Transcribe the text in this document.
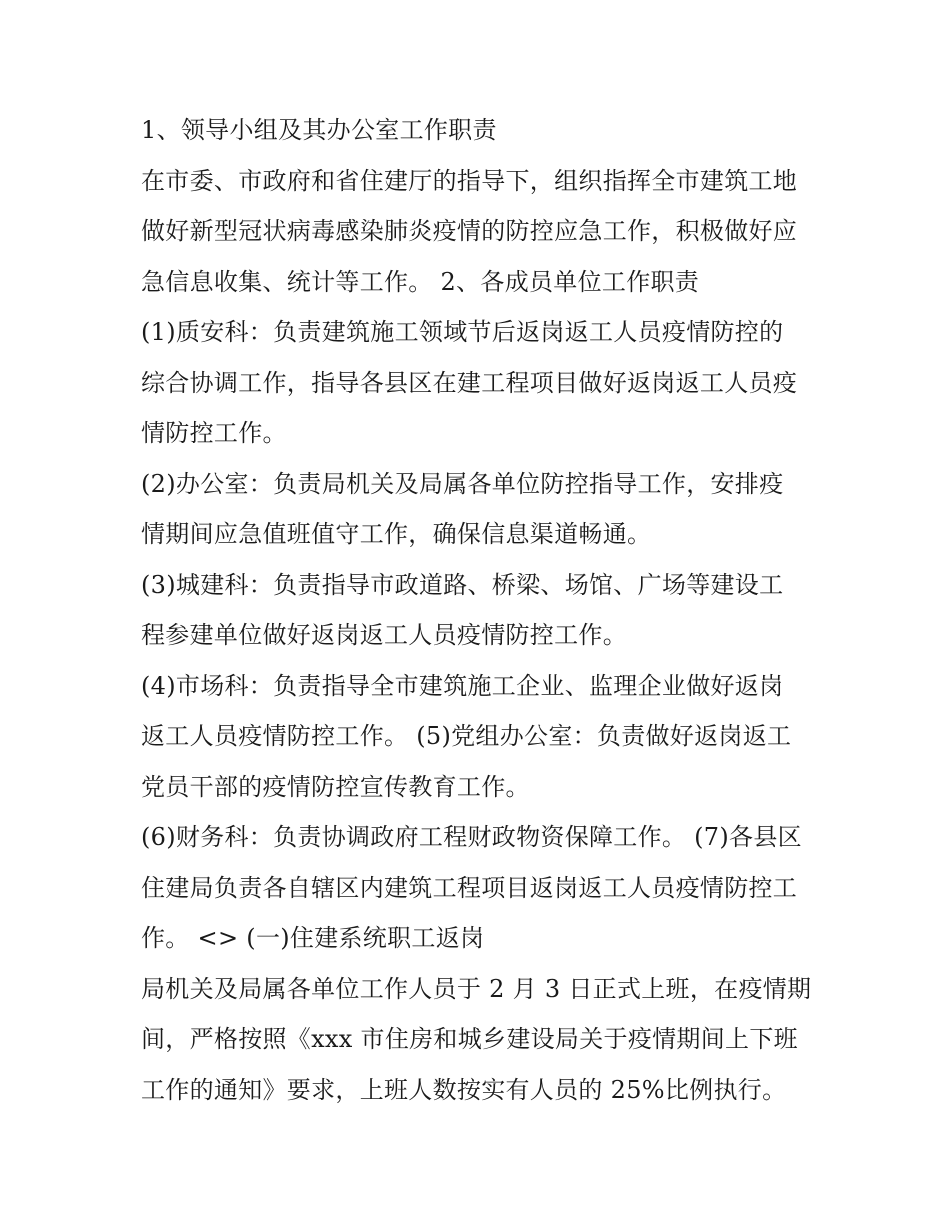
1、领导小组及其办公室工作职责
在市委、市政府和省住建厅的指导下，组织指挥全市建筑工地
做好新型冠状病毒感染肺炎疫情的防控应急工作，积极做好应
急信息收集、统计等工作。 2、各成员单位工作职责
(1)质安科：负责建筑施工领域节后返岗返工人员疫情防控的
综合协调工作，指导各县区在建工程项目做好返岗返工人员疫
情防控工作。
(2)办公室：负责局机关及局属各单位防控指导工作，安排疫
情期间应急值班值守工作，确保信息渠道畅通。
(3)城建科：负责指导市政道路、桥梁、场馆、广场等建设工
程参建单位做好返岗返工人员疫情防控工作。
(4)市场科：负责指导全市建筑施工企业、监理企业做好返岗
返工人员疫情防控工作。 (5)党组办公室：负责做好返岗返工
党员干部的疫情防控宣传教育工作。
(6)财务科：负责协调政府工程财政物资保障工作。 (7)各县区
住建局负责各自辖区内建筑工程项目返岗返工人员疫情防控工
作。 <> (一)住建系统职工返岗
局机关及局属各单位工作人员于 2 月 3 日正式上班，在疫情期
间，严格按照《xxx 市住房和城乡建设局关于疫情期间上下班
工作的通知》要求，上班人数按实有人员的 25%比例执行。
